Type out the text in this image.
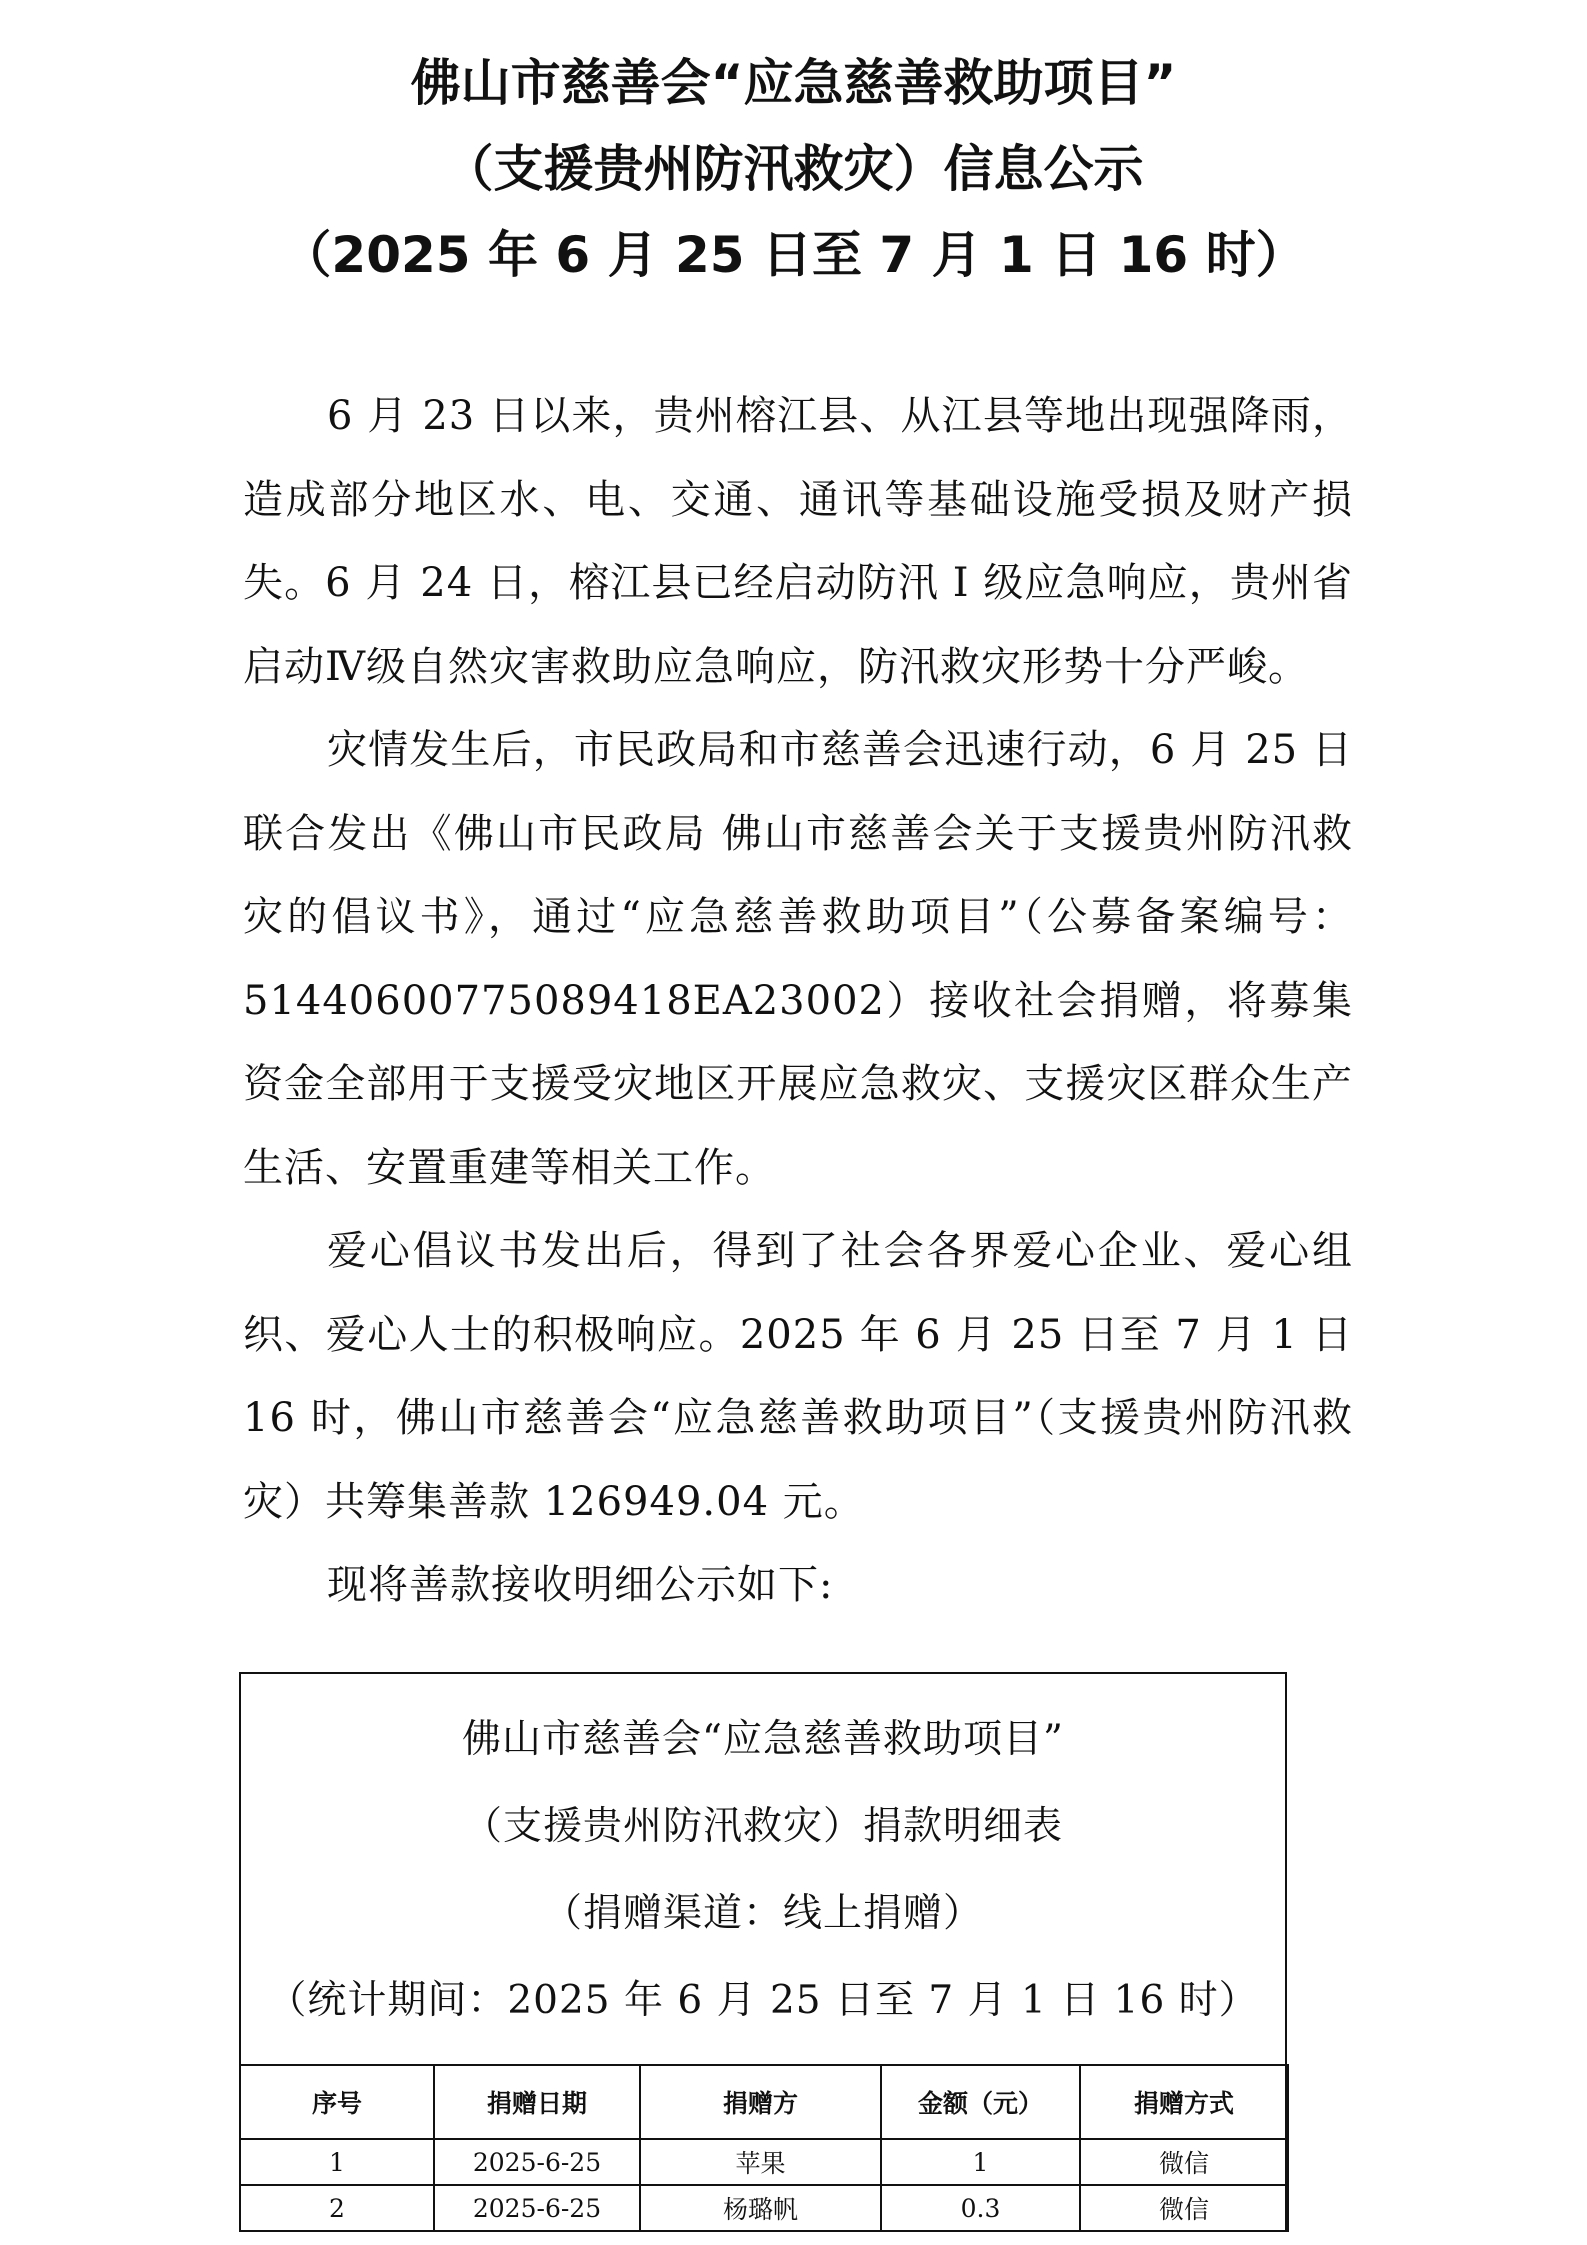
佛山市慈善会“应急慈善救助项目”
（支援贵州防汛救灾）信息公示
（2025 年 6 月 25 日至 7 月 1 日 16 时）

6 月 23 日以来，贵州榕江县、从江县等地出现强降雨，造成部分地区水、电、交通、通讯等基础设施受损及财产损失。6 月 24 日，榕江县已经启动防汛 I 级应急响应，贵州省启动Ⅳ级自然灾害救助应急响应，防汛救灾形势十分严峻。

灾情发生后，市民政局和市慈善会迅速行动，6 月 25 日联合发出《佛山市民政局 佛山市慈善会关于支援贵州防汛救灾的倡议书》，通过“应急慈善救助项目”（公募备案编号：51440600775089418EA23002）接收社会捐赠，将募集资金全部用于支援受灾地区开展应急救灾、支援灾区群众生产生活、安置重建等相关工作。

爱心倡议书发出后，得到了社会各界爱心企业、爱心组织、爱心人士的积极响应。2025 年 6 月 25 日至 7 月 1 日 16 时，佛山市慈善会“应急慈善救助项目”（支援贵州防汛救灾）共筹集善款 126949.04 元。

现将善款接收明细公示如下:

佛山市慈善会“应急慈善救助项目”
（支援贵州防汛救灾）捐款明细表
（捐赠渠道：线上捐赠）
（统计期间：2025 年 6 月 25 日至 7 月 1 日 16 时）
序号	捐赠日期	捐赠方	金额（元）	捐赠方式
1	2025-6-25	苹果	1	微信
2	2025-6-25	杨璐帆	0.3	微信
